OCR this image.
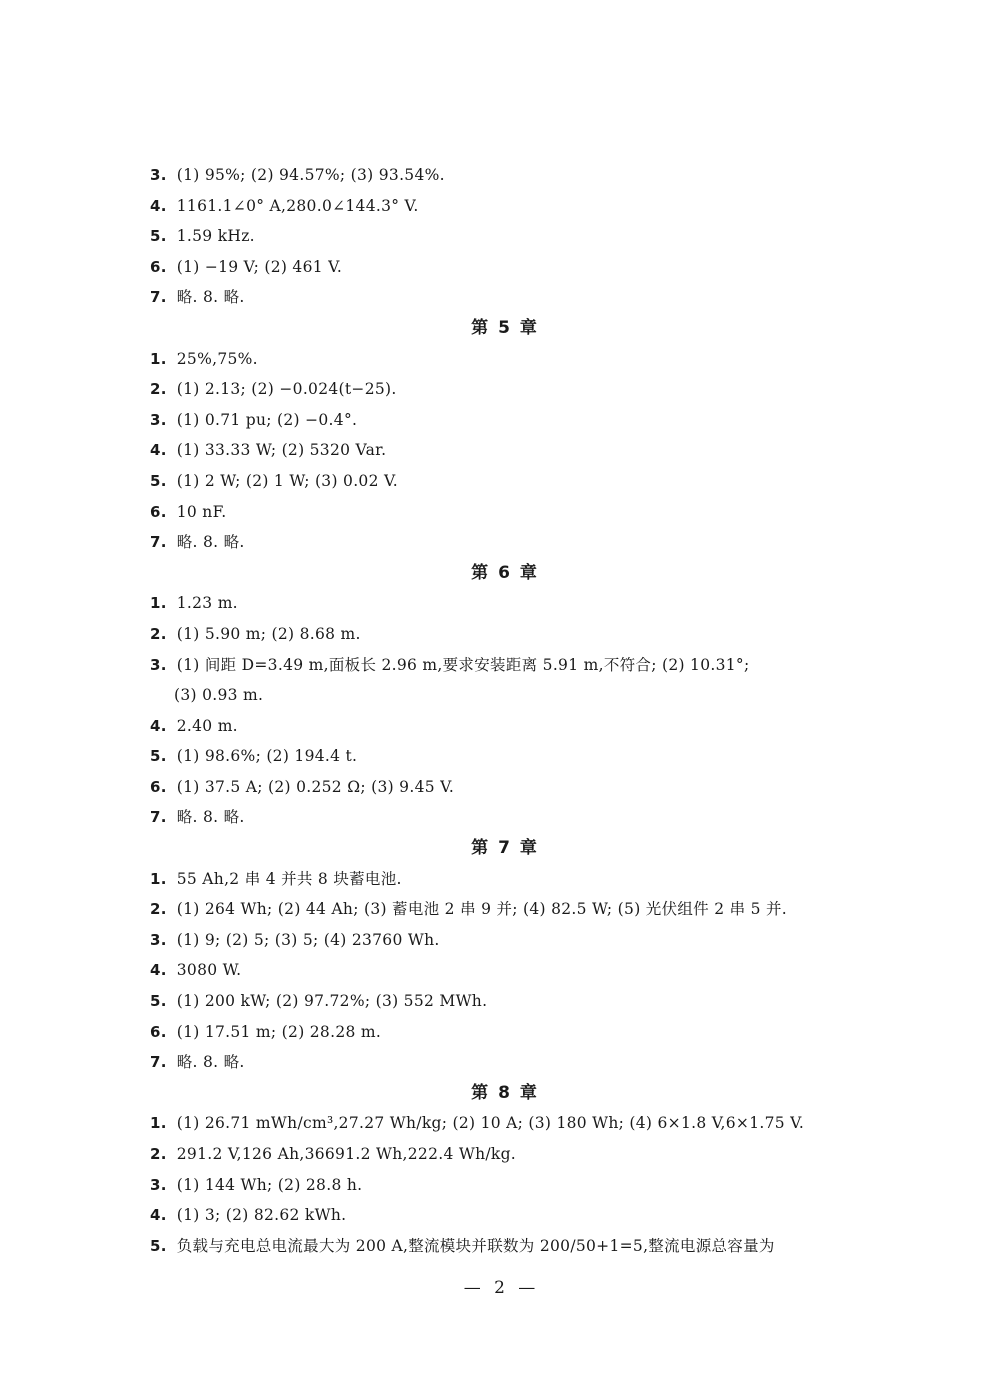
3. (1) 95%; (2) 94.57%; (3) 93.54%.
4. 1161.1∠0° A,280.0∠144.3° V.
5. 1.59 kHz.
6. (1) −19 V; (2) 461 V.
7. 略. 8. 略.
第 5 章
1. 25%,75%.
2. (1) 2.13; (2) −0.024(t−25).
3. (1) 0.71 pu; (2) −0.4°.
4. (1) 33.33 W; (2) 5320 Var.
5. (1) 2 W; (2) 1 W; (3) 0.02 V.
6. 10 nF.
7. 略. 8. 略.
第 6 章
1. 1.23 m.
2. (1) 5.90 m; (2) 8.68 m.
3. (1) 间距 D=3.49 m,面板长 2.96 m,要求安装距离 5.91 m,不符合; (2) 10.31°;
(3) 0.93 m.
4. 2.40 m.
5. (1) 98.6%; (2) 194.4 t.
6. (1) 37.5 A; (2) 0.252 Ω; (3) 9.45 V.
7. 略. 8. 略.
第 7 章
1. 55 Ah,2 串 4 并共 8 块蓄电池.
2. (1) 264 Wh; (2) 44 Ah; (3) 蓄电池 2 串 9 并; (4) 82.5 W; (5) 光伏组件 2 串 5 并.
3. (1) 9; (2) 5; (3) 5; (4) 23760 Wh.
4. 3080 W.
5. (1) 200 kW; (2) 97.72%; (3) 552 MWh.
6. (1) 17.51 m; (2) 28.28 m.
7. 略. 8. 略.
第 8 章
1. (1) 26.71 mWh/cm³,27.27 Wh/kg; (2) 10 A; (3) 180 Wh; (4) 6×1.8 V,6×1.75 V.
2. 291.2 V,126 Ah,36691.2 Wh,222.4 Wh/kg.
3. (1) 144 Wh; (2) 28.8 h.
4. (1) 3; (2) 82.62 kWh.
5. 负载与充电总电流最大为 200 A,整流模块并联数为 200/50+1=5,整流电源总容量为
— 2 —
